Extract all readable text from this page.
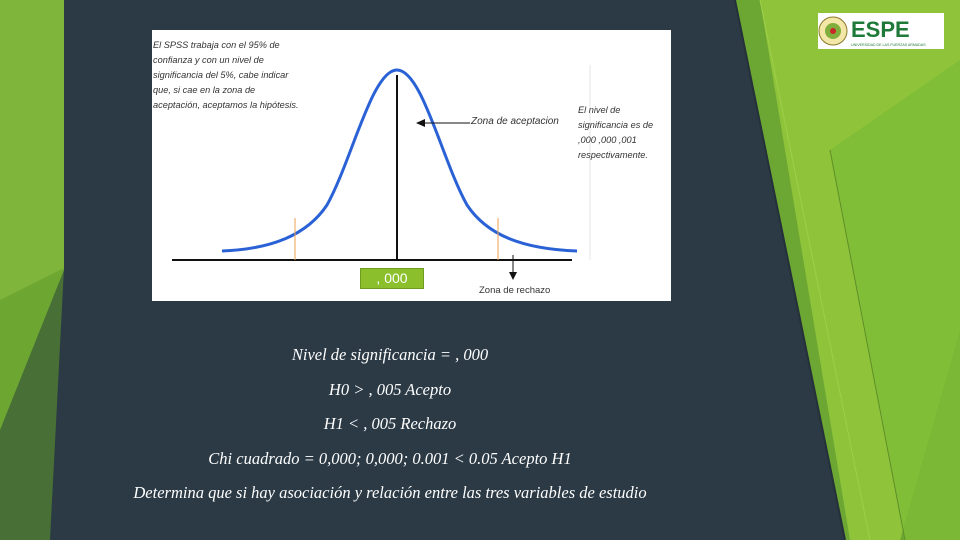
ESPE
UNIVERSIDAD DE LAS FUERZAS ARMADAS

El SPSS trabaja con el 95% de confianza y con un nivel de significancia del 5%, cabe indicar que, si cae en la zona de aceptación, aceptamos la hipótesis.	El nivel de significancia es de ,000 ,000 ,001 respectivamente.

Zona de aceptacion
Zona de rechazo
, 000
Nivel de significancia = , 000
H0 > , 005 Acepto
H1 < , 005 Rechazo
Chi cuadrado = 0,000; 0,000; 0.001 < 0.05 Acepto H1
Determina que si hay asociación y relación entre las tres variables de estudio
